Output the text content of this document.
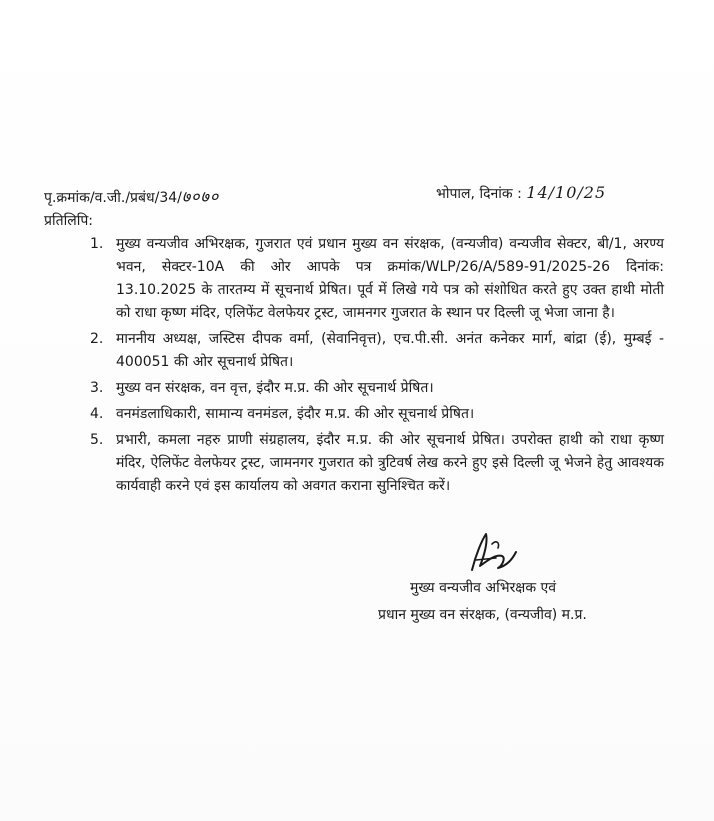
पृ.क्रमांक/व.जी./प्रबंध/34/७०७०	भोपाल, दिनांक : 14/10/25
प्रतिलिपि:
1. मुख्य वन्यजीव अभिरक्षक, गुजरात एवं प्रधान मुख्य वन संरक्षक, (वन्यजीव) वन्यजीव सेक्टर, बी/1, अरण्य भवन, सेक्टर-10A की ओर आपके पत्र क्रमांक/WLP/26/A/589-91/2025-26 दिनांक: 13.10.2025 के तारतम्य में सूचनार्थ प्रेषित। पूर्व में लिखे गये पत्र को संशोधित करते हुए उक्त हाथी मोती को राधा कृष्ण मंदिर, एलिफेंट वेलफेयर ट्रस्ट, जामनगर गुजरात के स्थान पर दिल्ली जू भेजा जाना है।
2. माननीय अध्यक्ष, जस्टिस दीपक वर्मा, (सेवानिवृत्त), एच.पी.सी. अनंत कनेकर मार्ग, बांद्रा (ई), मुम्बई - 400051 की ओर सूचनार्थ प्रेषित।
3. मुख्य वन संरक्षक, वन वृत्त, इंदौर म.प्र. की ओर सूचनार्थ प्रेषित।
4. वनमंडलाधिकारी, सामान्य वनमंडल, इंदौर म.प्र. की ओर सूचनार्थ प्रेषित।
5. प्रभारी, कमला नहरु प्राणी संग्रहालय, इंदौर म.प्र. की ओर सूचनार्थ प्रेषित। उपरोक्त हाथी को राधा कृष्ण मंदिर, ऐलिफेंट वेलफेयर ट्रस्ट, जामनगर गुजरात को त्रुटिवर्ष लेख करने हुए इसे दिल्ली जू भेजने हेतु आवश्यक कार्यवाही करने एवं इस कार्यालय को अवगत कराना सुनिश्चित करें।
मुख्य वन्यजीव अभिरक्षक एवं
प्रधान मुख्य वन संरक्षक, (वन्यजीव) म.प्र.
